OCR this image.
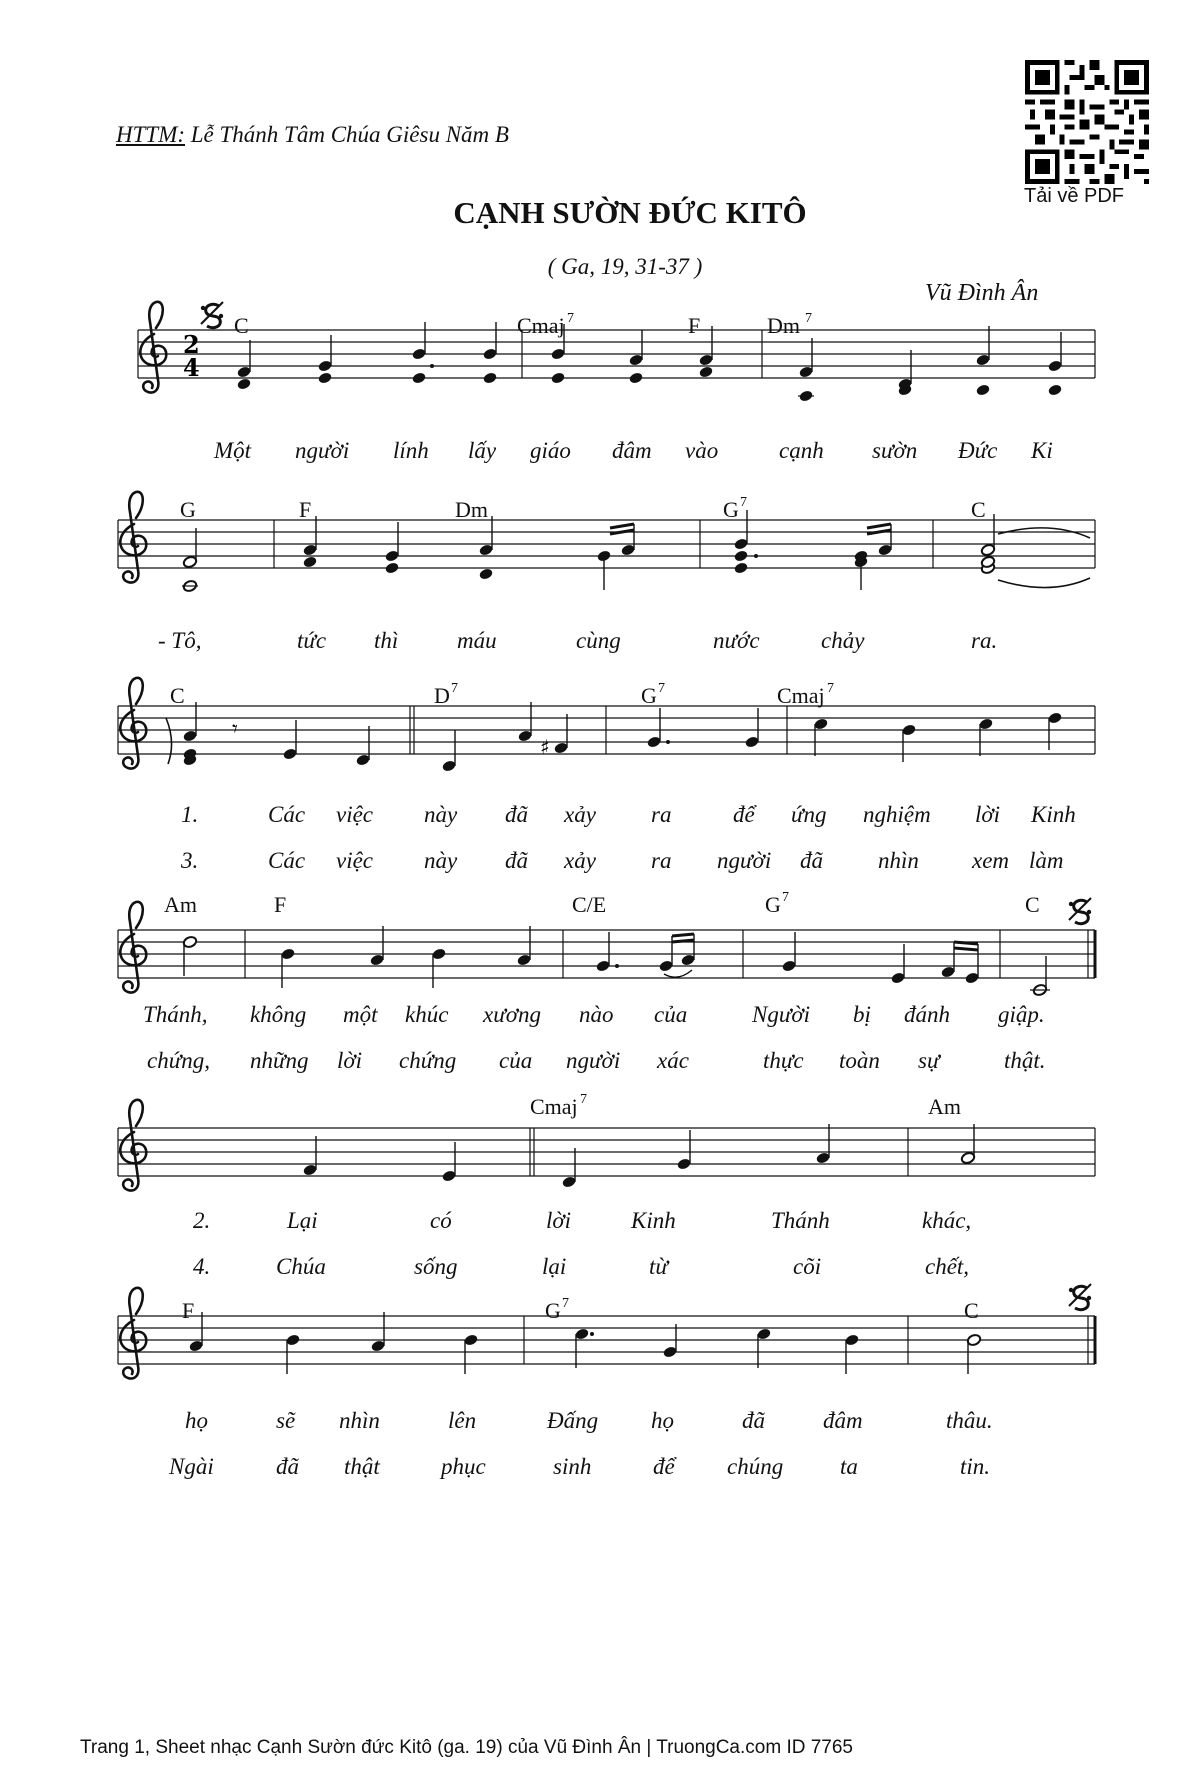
HTTM: Lễ Thánh Tâm Chúa Giêsu Năm B
CẠNH SƯỜN ĐỨC KITÔ
( Ga, 19, 31-37 )
Vũ Đình Ân
Tải về PDF
2
4
𝄾
♯
C	Cmaj 7	F	Dm 7
G	F	Dm	G 7	C
C	D 7	G 7	Cmaj 7
Am	F	C/E	G 7	C
Cmaj 7	Am
F	G 7	C
Một người lính lấy giáo đâm vào	cạnh sườn Đức Ki
- Tô,	tức thì	máu	cùng	nước	chảy	ra.
1.	Các việc này đã xảy ra	để ứng nghiệm lời Kinh
3.	Các việc này đã xảy ra người đã nhìn xem làm
Thánh, không một khúc xương nào của	Người bị đánh giập.
chứng, những lời chứng của người xác	thực toàn sự	thật.
2.	Lại	có	lời	Kinh	Thánh	khác,
4.	Chúa	sống	lại	từ	cõi	chết,
họ	sẽ nhìn	lên	Đấng họ	đã	đâm	thâu.
Ngài	đã thật	phục	sinh	để chúng ta	tin.
Trang 1, Sheet nhạc Cạnh Sườn đức Kitô (ga. 19) của Vũ Đình Ân | TruongCa.com ID 7765
